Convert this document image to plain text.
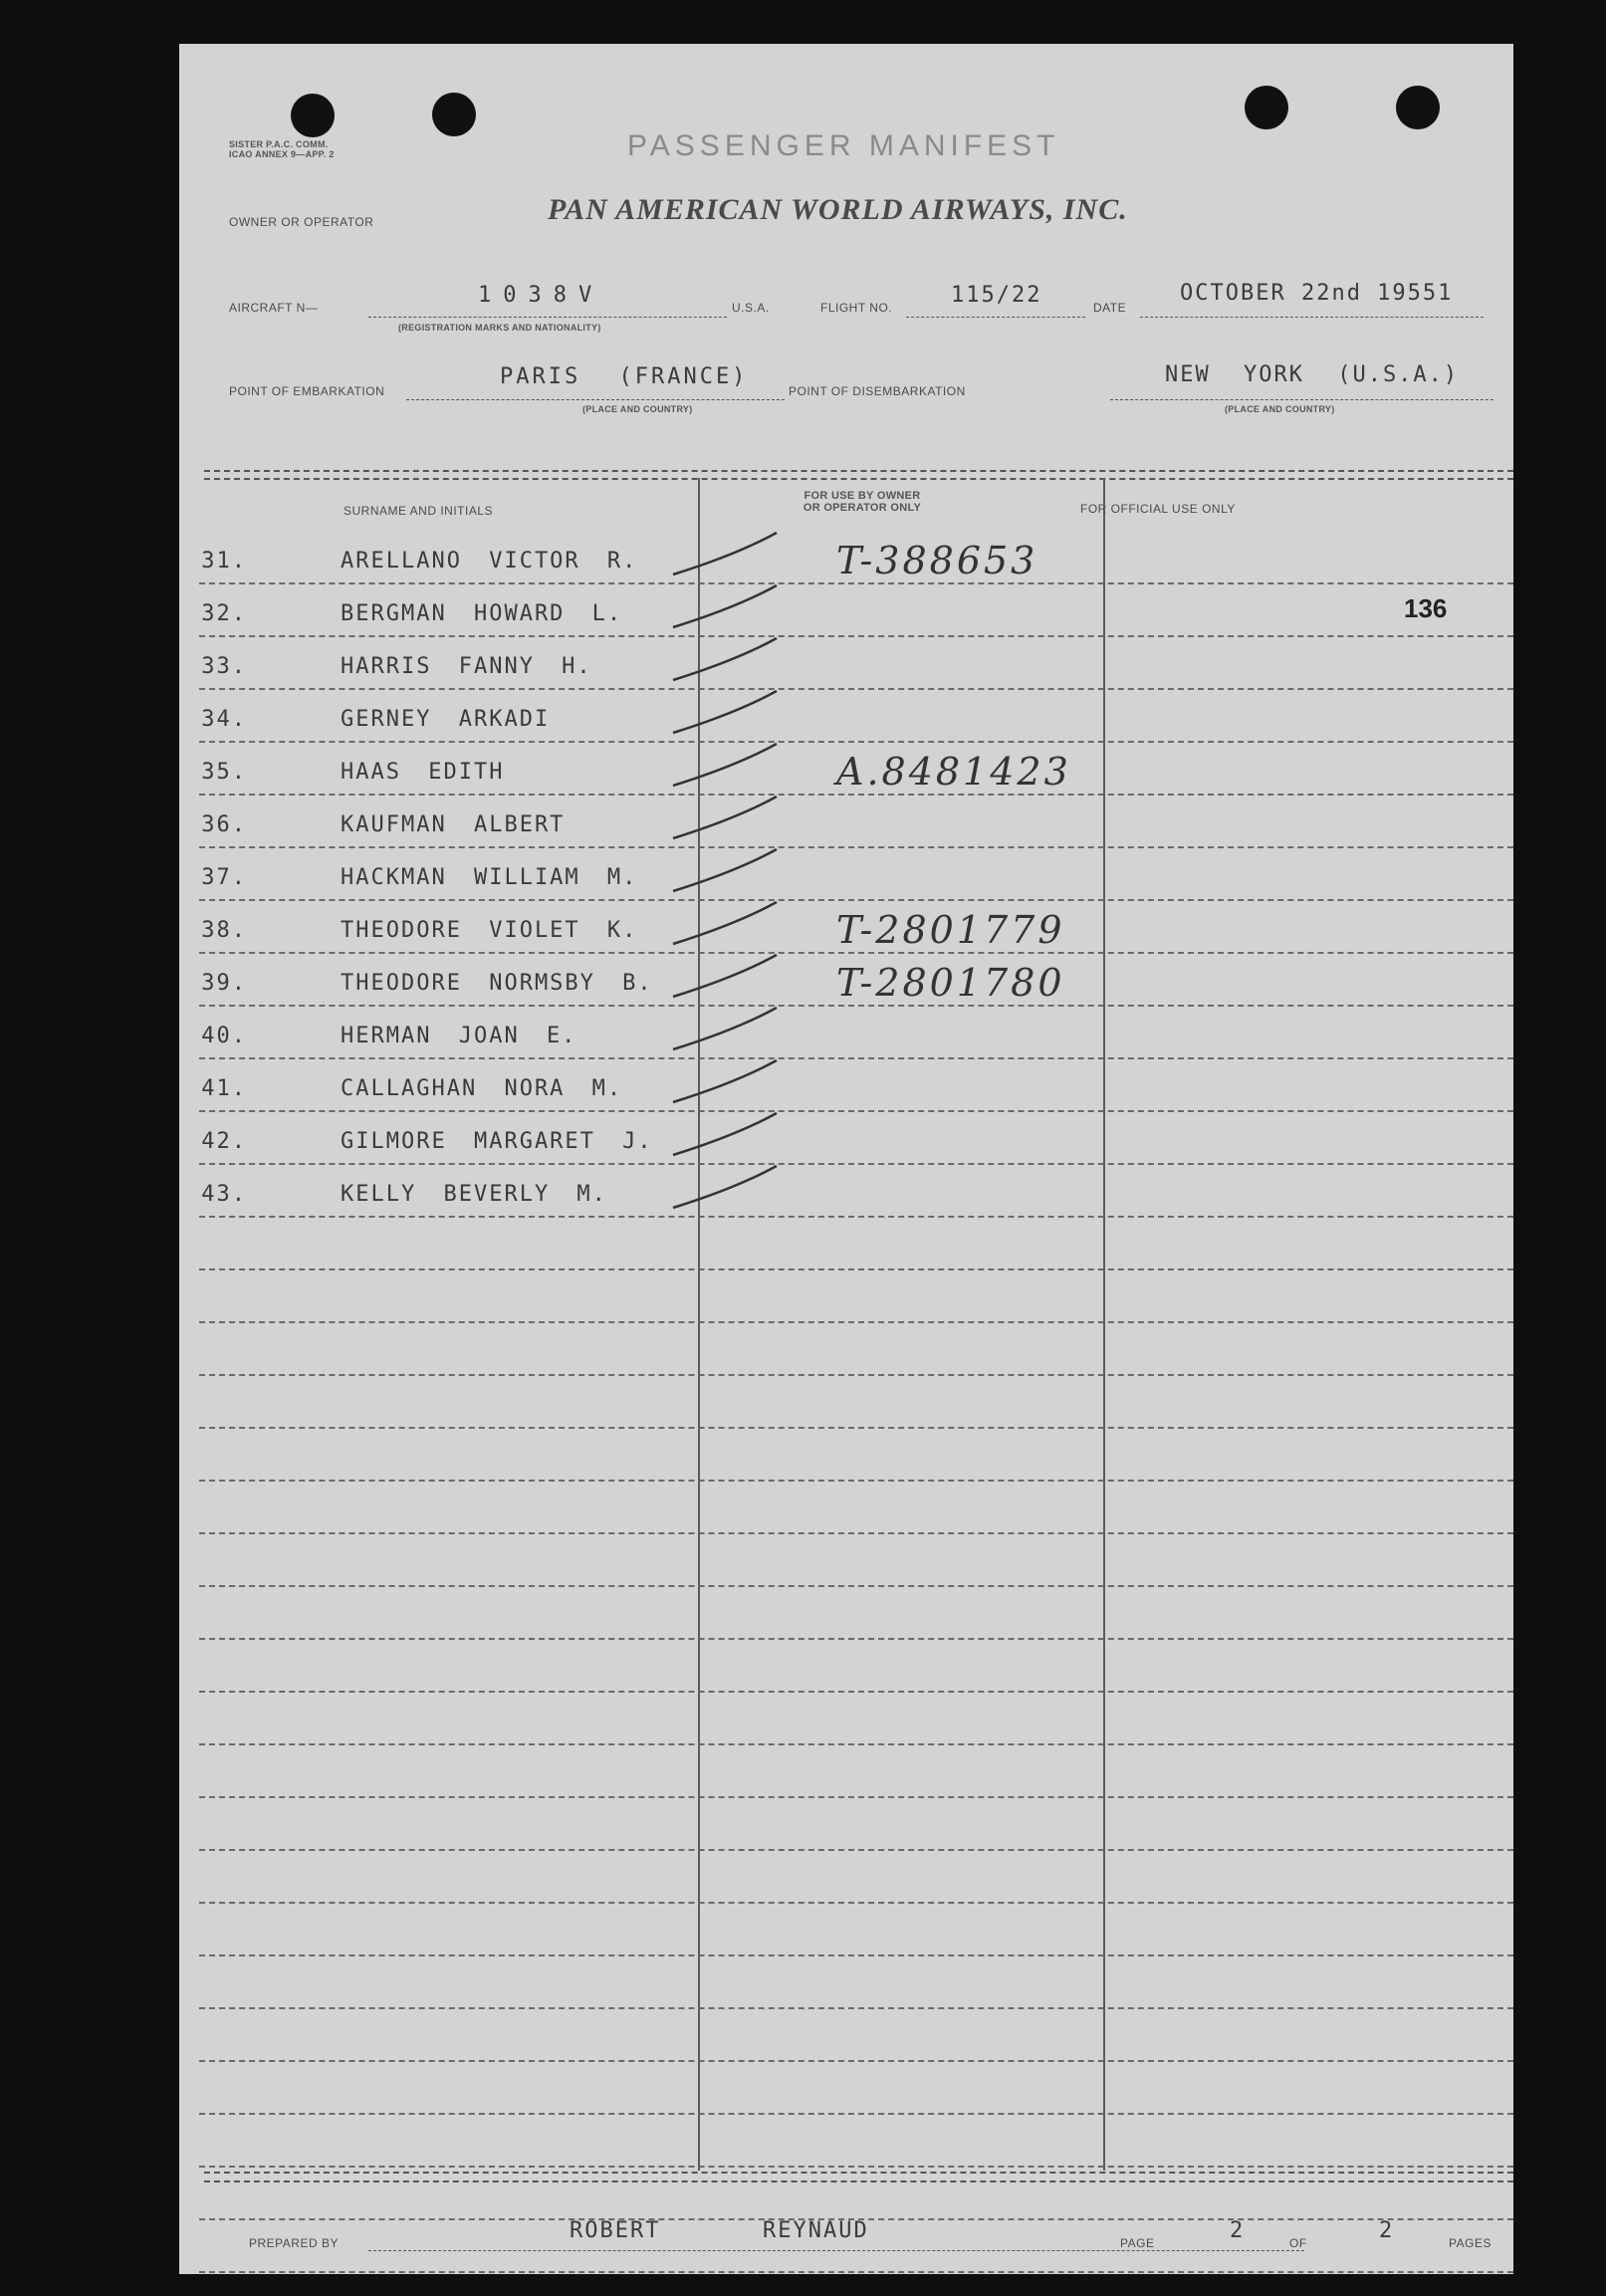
SISTER P.A.C. COMM.
ICAO ANNEX 9—APP. 2	PASSENGER MANIFEST
OWNER OR OPERATOR	PAN AMERICAN WORLD AIRWAYS, INC.
AIRCRAFT N—	1038V
(REGISTRATION MARKS AND NATIONALITY)
U.S.A.	FLIGHT NO.	115/22	DATE
OCTOBER 22nd 19551
POINT OF EMBARKATION
PARIS (FRANCE)
(PLACE AND COUNTRY)
POINT OF DISEMBARKATION
NEW YORK (U.S.A.)
(PLACE AND COUNTRY)
SURNAME AND INITIALS
FOR USE BY OWNER
OR OPERATOR ONLY	FOR OFFICIAL USE ONLY
136
31.	ARELLANO VICTOR R.	T-388653
32.	BERGMAN HOWARD L.
33.	HARRIS FANNY H.
34.	GERNEY ARKADI
35.	HAAS EDITH	A.8481423
36.	KAUFMAN ALBERT
37.	HACKMAN WILLIAM M.
38.	THEODORE VIOLET K.	T-2801779
39.	THEODORE NORMSBY B.	T-2801780
40.	HERMAN JOAN E.
41.	CALLAGHAN NORA M.
42.	GILMORE MARGARET J.
43.	KELLY BEVERLY M.
PREPARED BY	ROBERT	REYNAUD	PAGE	2	OF	2	PAGES
